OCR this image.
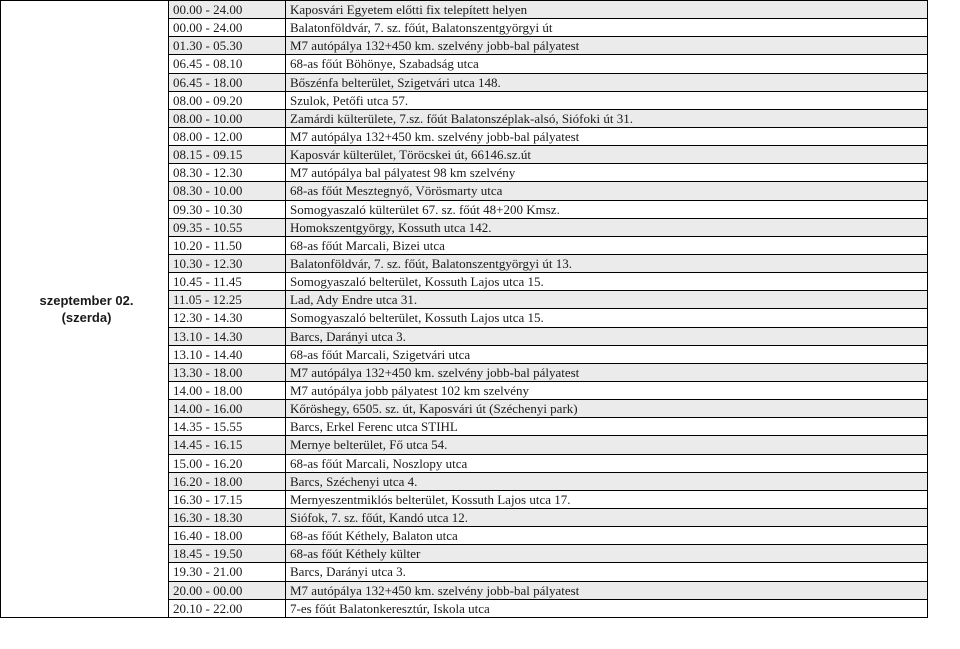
szeptember 02.
(szerda)	00.00 - 24.00	Kaposvári Egyetem előtti fix telepített helyen
	00.00 - 24.00	Balatonföldvár, 7. sz. főút, Balatonszentgyörgyi út
	01.30 - 05.30	M7 autópálya 132+450 km. szelvény jobb-bal pályatest
	06.45 - 08.10	68-as főút Böhönye, Szabadság utca
	06.45 - 18.00	Bőszénfa belterület, Szigetvári utca 148.
	08.00 - 09.20	Szulok, Petőfi utca 57.
	08.00 - 10.00	Zamárdi külterülete, 7.sz. főút Balatonszéplak-alsó, Siófoki út 31.
	08.00 - 12.00	M7 autópálya 132+450 km. szelvény jobb-bal pályatest
	08.15 - 09.15	Kaposvár külterület, Töröcskei út, 66146.sz.út
	08.30 - 12.30	M7 autópálya bal pályatest 98 km szelvény
	08.30 - 10.00	68-as főút Mesztegnyő, Vörösmarty utca
	09.30 - 10.30	Somogyaszaló külterület 67. sz. főút 48+200 Kmsz.
	09.35 - 10.55	Homokszentgyörgy, Kossuth utca 142.
	10.20 - 11.50	68-as főút Marcali, Bizei utca
	10.30 - 12.30	Balatonföldvár, 7. sz. főút, Balatonszentgyörgyi út 13.
	10.45 - 11.45	Somogyaszaló belterület, Kossuth Lajos utca 15.
	11.05 - 12.25	Lad, Ady Endre utca 31.
	12.30 - 14.30	Somogyaszaló belterület, Kossuth Lajos utca 15.
	13.10 - 14.30	Barcs, Darányi utca 3.
	13.10 - 14.40	68-as főút Marcali, Szigetvári utca
	13.30 - 18.00	M7 autópálya 132+450 km. szelvény jobb-bal pályatest
	14.00 - 18.00	M7 autópálya jobb pályatest 102 km szelvény
	14.00 - 16.00	Kőröshegy, 6505. sz. út, Kaposvári út (Széchenyi park)
	14.35 - 15.55	Barcs, Erkel Ferenc utca STIHL
	14.45 - 16.15	Mernye belterület, Fő utca 54.
	15.00 - 16.20	68-as főút Marcali, Noszlopy utca
	16.20 - 18.00	Barcs, Széchenyi utca 4.
	16.30 - 17.15	Mernyeszentmiklós belterület, Kossuth Lajos utca 17.
	16.30 - 18.30	Siófok, 7. sz. főút, Kandó utca 12.
	16.40 - 18.00	68-as főút Kéthely, Balaton utca
	18.45 - 19.50	68-as főút Kéthely külter
	19.30 - 21.00	Barcs, Darányi utca 3.
	20.00 - 00.00	M7 autópálya 132+450 km. szelvény jobb-bal pályatest
	20.10 - 22.00	7-es főút Balatonkeresztúr, Iskola utca
